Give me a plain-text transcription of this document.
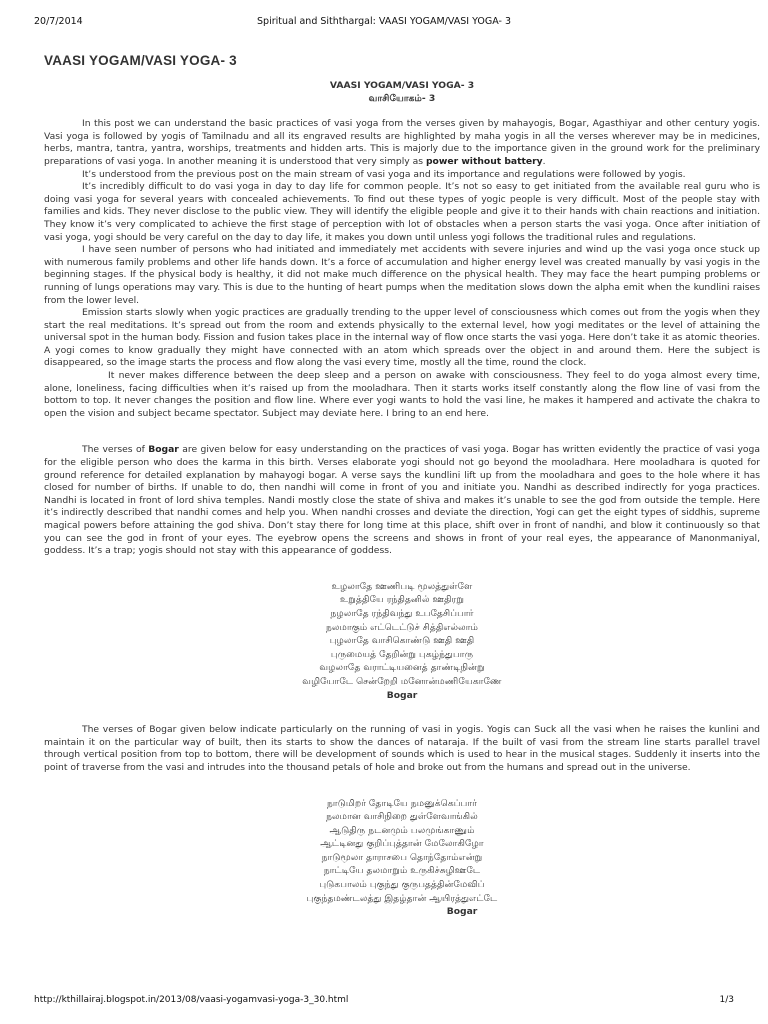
20/7/2014	Spiritual and Siththargal: VAASI YOGAM/VASI YOGA- 3
VAASI YOGAM/VASI YOGA- 3
VAASI YOGAM/VASI YOGA- 3
வாசியோகம்- 3

In this post we can understand the basic practices of vasi yoga from the verses given by mahayogis, Bogar, Agasthiyar and other century yogis. Vasi yoga is followed by yogis of Tamilnadu and all its engraved results are highlighted by maha yogis in all the verses wherever may be in medicines, herbs, mantra, tantra, yantra, worships, treatments and hidden arts. This is majorly due to the importance given in the ground work for the preliminary preparations of vasi yoga. In another meaning it is understood that very simply as power without battery.

It’s understood from the previous post on the main stream of vasi yoga and its importance and regulations were followed by yogis.

It’s incredibly difficult to do vasi yoga in day to day life for common people. It’s not so easy to get initiated from the available real guru who is doing vasi yoga for several years with concealed achievements. To find out these types of yogic people is very difficult. Most of the people stay with families and kids. They never disclose to the public view. They will identify the eligible people and give it to their hands with chain reactions and initiation. They know it’s very complicated to achieve the first stage of perception with lot of obstacles when a person starts the vasi yoga. Once after initiation of vasi yoga, yogi should be very careful on the day to day life, it makes you down until unless yogi follows the traditional rules and regulations.

I have seen number of persons who had initiated and immediately met accidents with severe injuries and wind up the vasi yoga once stuck up with numerous family problems and other life hands down. It’s a force of accumulation and higher energy level was created manually by vasi yogis in the beginning stages. If the physical body is healthy, it did not make much difference on the physical health. They may face the heart pumping problems or running of lungs operations may vary. This is due to the hunting of heart pumps when the meditation slows down the alpha emit when the kundlini raises from the lower level.

Emission starts slowly when yogic practices are gradually trending to the upper level of consciousness which comes out from the yogis when they start the real meditations. It’s spread out from the room and extends physically to the external level, how yogi meditates or the level of attaining the universal spot in the human body. Fission and fusion takes place in the internal way of flow once starts the vasi yoga. Here don’t take it as atomic theories. A yogi comes to know gradually they might have connected with an atom which spreads over the object in and around them. Here the subject is disappeared, so the image starts the process and flow along the vasi every time, mostly all the time, round the clock.

It never makes difference between the deep sleep and a person on awake with consciousness. They feel to do yoga almost every time, alone, loneliness, facing difficulties when it’s raised up from the mooladhara. Then it starts works itself constantly along the flow line of vasi from the bottom to top. It never changes the position and flow line. Where ever yogi wants to hold the vasi line, he makes it hampered and activate the chakra to open the vision and subject became spectator. Subject may deviate here. I bring to an end here.

The verses of Bogar are given below for easy understanding on the practices of vasi yoga. Bogar has written evidently the practice of vasi yoga for the eligible person who does the karma in this birth. Verses elaborate yogi should not go beyond the mooladhara. Here mooladhara is quoted for ground reference for detailed explanation by mahayogi bogar. A verse says the kundlini lift up from the mooladhara and goes to the hole where it has closed for number of births. If unable to do, then nandhi will come in front of you and initiate you. Nandhi as described indirectly for yoga practices. Nandhi is located in front of lord shiva temples. Nandi mostly close the state of shiva and makes it’s unable to see the god from outside the temple. Here it’s indirectly described that nandhi comes and help you. When nandhi crosses and deviate the direction, Yogi can get the eight types of siddhis, supreme magical powers before attaining the god shiva. Don’t stay there for long time at this place, shift over in front of nandhi, and blow it continuously so that you can see the god in front of your eyes. The eyebrow opens the screens and shows in front of your real eyes, the appearance of Manonmaniyal, goddess. It’s a trap; yogis should not stay with this appearance of goddess.

உழலாதே ஊணிபடி மூலத்துள்ளே
உறுத்தியே ரந்திதனில் ஊதிரறு
நழலாதே ரந்திவந்து உபதேசிப்பார்
நலமாகும் எட்டெட்டுச் சித்திஎல்லாம்
புழலாதே வாசிகொண்டு ஊதி ஊதி
புருமையத் தேறின்று புகழ்ந்துபாரு
வழலாதே வராட்டியனைத் தாண்டிநின்று
வழியோடே சென்றேறி மனோன்மணியேகாணே
Bogar

The verses of Bogar given below indicate particularly on the running of vasi in yogis. Yogis can Suck all the vasi when he raises the kunlini and maintain it on the particular way of built, then its starts to show the dances of nataraja. If the built of vasi from the stream line starts parallel travel through vertical position from top to bottom, there will be development of sounds which is used to hear in the musical stages. Suddenly it inserts into the point of traverse from the vasi and intrudes into the thousand petals of hole and broke out from the humans and spread out in the universe.

நாடுமிறர் தோடியே நமனுக்கெப்பார்
நலமான வாசிநிறை துள்ளேவாங்கில்
ஆடுதிரு நடனமும் பலமுங்காணும்
ஆட்டினது குறிப்புத்தான் மேலோகிழோ
நாடுமூலா தாராசபை தொந்தோம்என்று
நாட்டியே தலமாறும் உருகிச்சுழிஊடே
புடுகபாலம் புகுந்து குருபதத்தின்மேவிப்
புகுந்தமண்டலத்து இதழ்தான் ஆயிரத்துஎட்டே
Bogar
http://kthillairaj.blogspot.in/2013/08/vaasi-yogamvasi-yoga-3_30.html	1/3
